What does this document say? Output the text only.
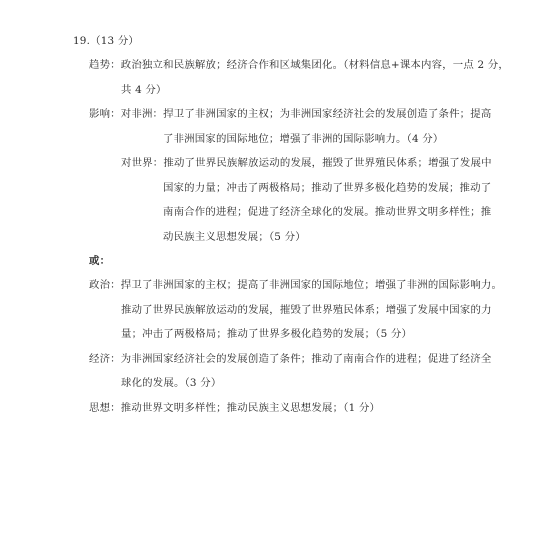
19.（13 分）
趋势：政治独立和民族解放；经济合作和区域集团化。（材料信息+课本内容，一点 2 分，
共 4 分）
影响：对非洲：捍卫了非洲国家的主权；为非洲国家经济社会的发展创造了条件；提高
了非洲国家的国际地位；增强了非洲的国际影响力。（4 分）
对世界：推动了世界民族解放运动的发展，摧毁了世界殖民体系；增强了发展中
国家的力量；冲击了两极格局；推动了世界多极化趋势的发展；推动了
南南合作的进程；促进了经济全球化的发展。推动世界文明多样性；推
动民族主义思想发展；（5 分）
或：
政治：捍卫了非洲国家的主权；提高了非洲国家的国际地位；增强了非洲的国际影响力。
推动了世界民族解放运动的发展，摧毁了世界殖民体系；增强了发展中国家的力
量；冲击了两极格局；推动了世界多极化趋势的发展；（5 分）
经济：为非洲国家经济社会的发展创造了条件；推动了南南合作的进程；促进了经济全
球化的发展。（3 分）
思想：推动世界文明多样性；推动民族主义思想发展；（1 分）
